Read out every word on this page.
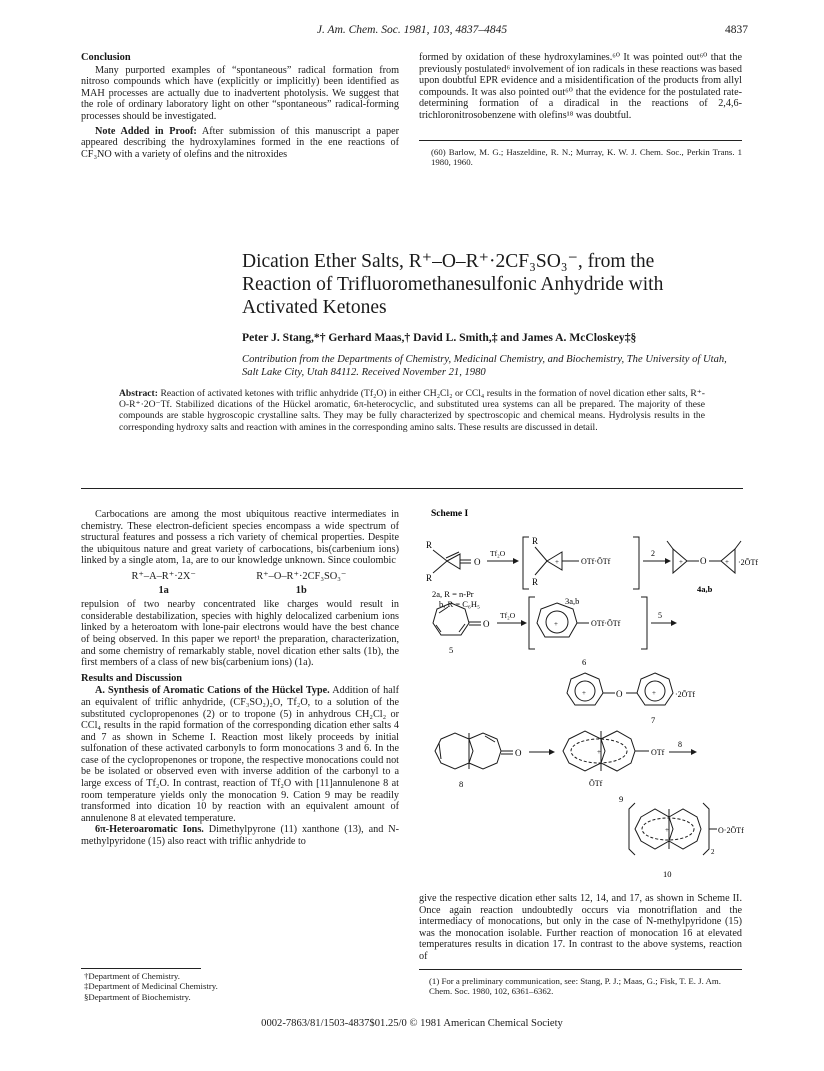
J. Am. Chem. Soc. 1981, 103, 4837–4845	4837
Conclusion

Many purported examples of “spontaneous” radical formation from nitroso compounds which have (explicitly or implicitly) been identified as MAH processes are actually due to inadvertent photolysis. We suggest that the role of ordinary laboratory light on other “spontaneous” radical-forming processes should be investigated.

Note Added in Proof: After submission of this manuscript a paper appeared describing the hydroxylamines formed in the ene reactions of CF₃NO with a variety of olefins and the nitroxides

formed by oxidation of these hydroxylamines.⁶⁰ It was pointed out⁶⁰ that the previously postulated⁶ involvement of ion radicals in these reactions was based upon doubtful EPR evidence and a misidentification of the products from allyl compounds. It was also pointed out⁶⁰ that the evidence for the postulated rate-determining formation of a diradical in the reactions of 2,4,6-trichloronitrosobenzene with olefins¹⁸ was doubtful.

(60) Barlow, M. G.; Haszeldine, R. N.; Murray, K. W. J. Chem. Soc., Perkin Trans. 1 1980, 1960.
Dication Ether Salts, R⁺–O–R⁺·2CF₃SO₃⁻, from the Reaction of Trifluoromethanesulfonic Anhydride with Activated Ketones
Peter J. Stang,*† Gerhard Maas,† David L. Smith,‡ and James A. McCloskey‡§
Contribution from the Departments of Chemistry, Medicinal Chemistry, and Biochemistry, The University of Utah, Salt Lake City, Utah 84112. Received November 21, 1980
Abstract: Reaction of activated ketones with triflic anhydride (Tf₂O) in either CH₂Cl₂ or CCl₄ results in the formation of novel dication ether salts, R⁺-O-R⁺·2O⁻Tf. Stabilized dications of the Hückel aromatic, 6π-heterocyclic, and substituted urea systems can all be prepared. The majority of these compounds are stable hygroscopic crystalline salts. They may be fully characterized by spectroscopic and chemical means. Hydrolysis results in the corresponding hydroxy salts and reaction with amines in the corresponding amino salts. These results are discussed in detail.

Carbocations are among the most ubiquitous reactive intermediates in chemistry. These electron-deficient species encompass a wide spectrum of structural features and possess a rich variety of chemical properties. Despite the ubiquitous nature and great variety of carbocations, bis(carbenium ions) linked by a single atom, 1a, are to our knowledge unknown. Since coulombic

R⁺–A–R⁺·2X⁻	R⁺–O–R⁺·2CF₃SO₃⁻
1a	1b

repulsion of two nearby concentrated like charges would result in considerable destabilization, species with highly delocalized carbenium ions linked by a heteroatom with lone-pair electrons would have the best chance of being observed. In this paper we report¹ the preparation, characterization, and some chemistry of remarkably stable, novel dication ether salts (1b), the first members of a class of new bis(carbenium ions) (1a).

Results and Discussion

A. Synthesis of Aromatic Cations of the Hückel Type. Addition of half an equivalent of triflic anhydride, (CF₃SO₂)₂O, Tf₂O, to a solution of the substituted cyclopropenones (2) or to tropone (5) in anhydrous CH₂Cl₂ or CCl₄ results in the rapid formation of the corresponding dication ether salts 4 and 7 as shown in Scheme I. Reaction most likely proceeds by initial sulfonation of these activated carbonyls to form monocations 3 and 6. In the case of the cyclopropenones or tropone, the respective monocations could not be be isolated or observed even with inverse addition of the carbonyl to a large excess of Tf₂O. In contrast, reaction of Tf₂O with [11]annulenone 8 at room temperature yields only the monocation 9. Cation 9 may be readily transformed into dication 10 by reaction with an equivalent amount of annulenone 8 at elevated temperature.

6π-Heteroaromatic Ions. Dimethylpyrone (11) xanthone (13), and N-methylpyridone (15) also react with triflic anhydride to

†Department of Chemistry.
‡Department of Medicinal Chemistry.
§Department of Biochemistry.
Scheme I
R
R
O
Tf₂O
2a, R = n-Pr
b, R = C₆H₅
R
R
+	OTf·ŌTf
3a,b
2
+	+
O	·2ŌTf
4a,b
O
5
Tf₂O
+	OTf·ŌTf
6
5
+	+
O	·2ŌTf
7
O
8
+	OTf
ŌTf
9
8
+
2
O·2ŌTf
10

give the respective dication ether salts 12, 14, and 17, as shown in Scheme II. Once again reaction undoubtedly occurs via monotriflation and the intermediacy of monocations, but only in the case of N-methylpyridone (15) was the monocation isolable. Further reaction of monocation 16 at elevated temperatures results in dication 17. In contrast to the above systems, reaction of

(1) For a preliminary communication, see: Stang, P. J.; Maas, G.; Fisk, T. E. J. Am. Chem. Soc. 1980, 102, 6361–6362.
0002-7863/81/1503-4837$01.25/0 © 1981 American Chemical Society
